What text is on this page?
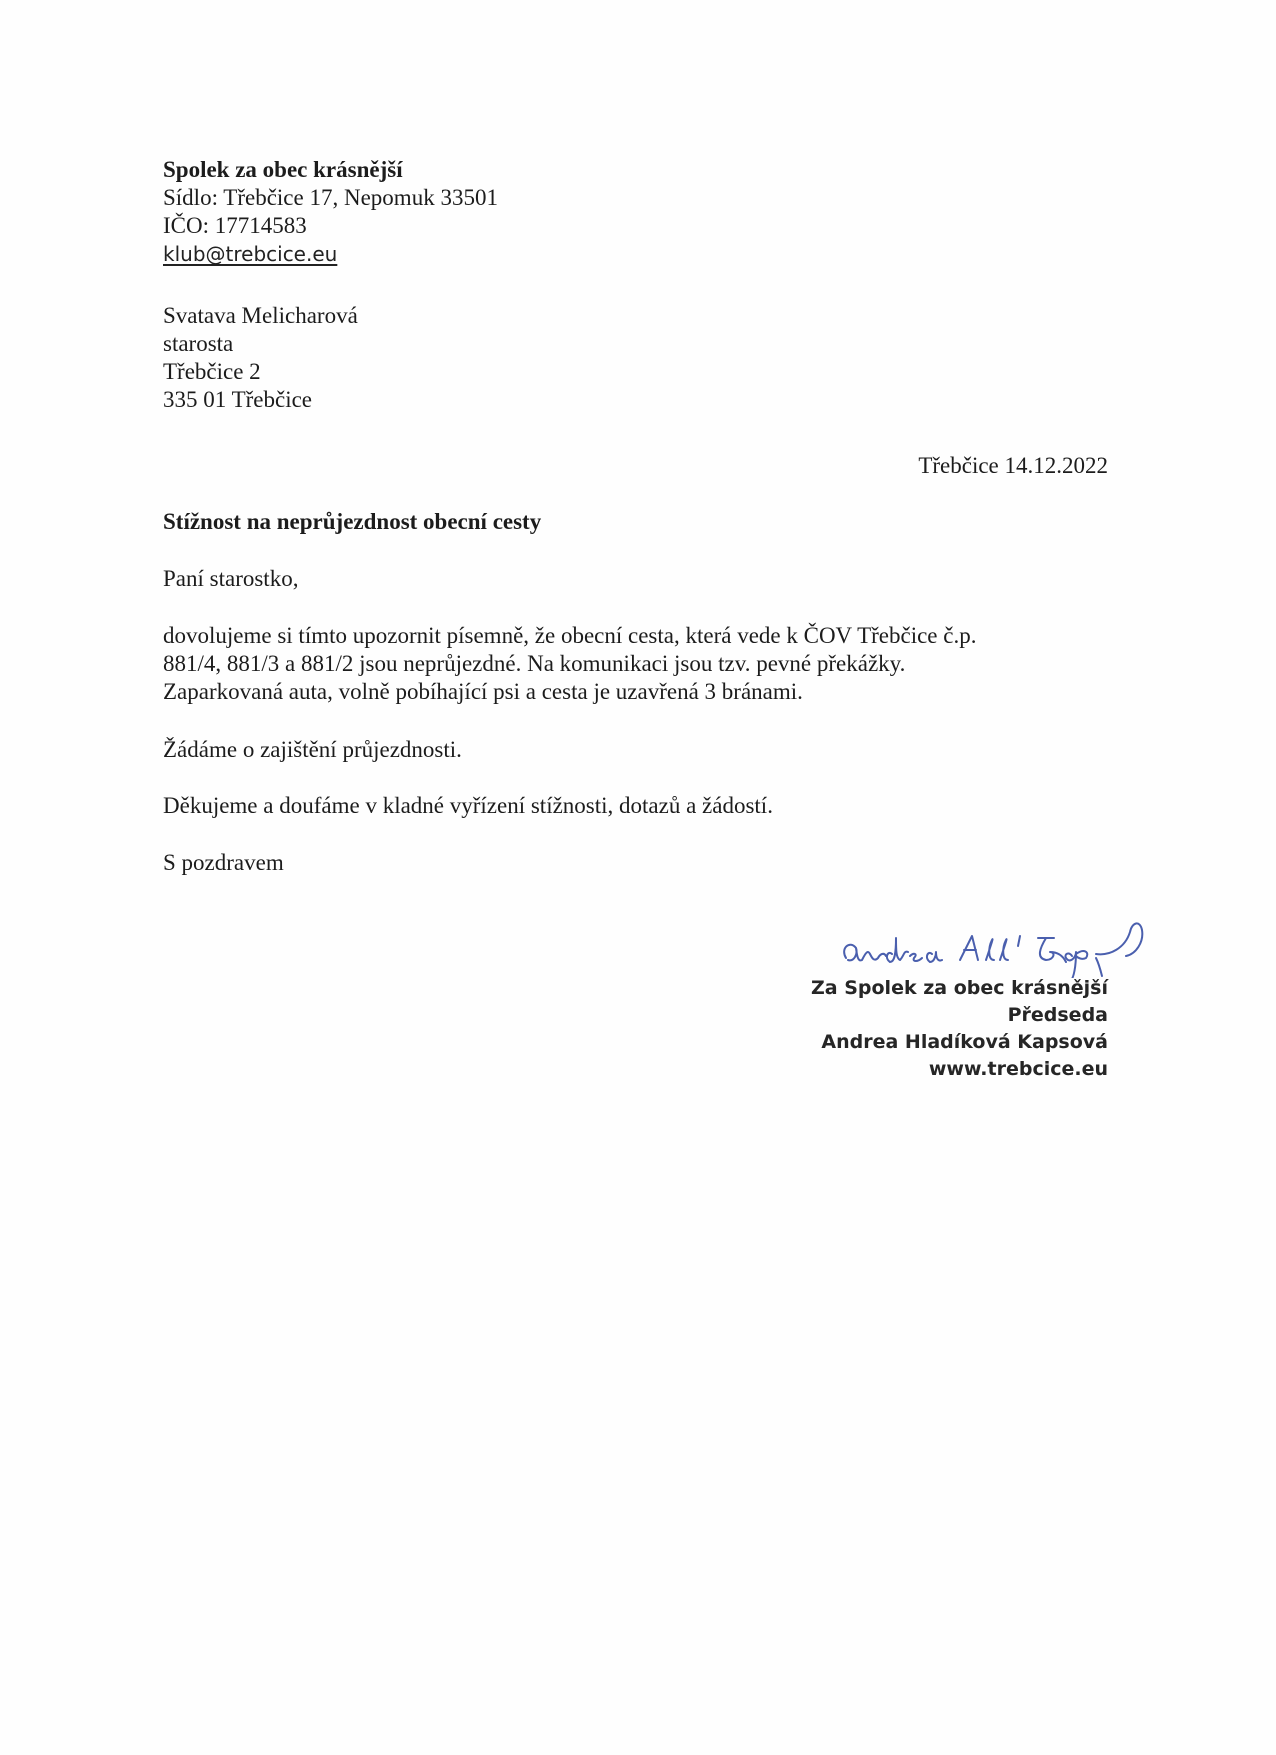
Spolek za obec krásnější
Sídlo: Třebčice 17, Nepomuk 33501
IČO: 17714583
klub@trebcice.eu
Svatava Melicharová
starosta
Třebčice 2
335 01 Třebčice
Třebčice 14.12.2022
Stížnost na neprůjezdnost obecní cesty
Paní starostko,
dovolujeme si tímto upozornit písemně, že obecní cesta, která vede k ČOV Třebčice č.p.
881/4, 881/3 a 881/2 jsou neprůjezdné. Na komunikaci jsou tzv. pevné překážky.
Zaparkovaná auta, volně pobíhající psi a cesta je uzavřená 3 bránami.
Žádáme o zajištění průjezdnosti.
Děkujeme a doufáme v kladné vyřízení stížnosti, dotazů a žádostí.
S pozdravem
Za Spolek za obec krásnější
Předseda
Andrea Hladíková Kapsová
www.trebcice.eu
